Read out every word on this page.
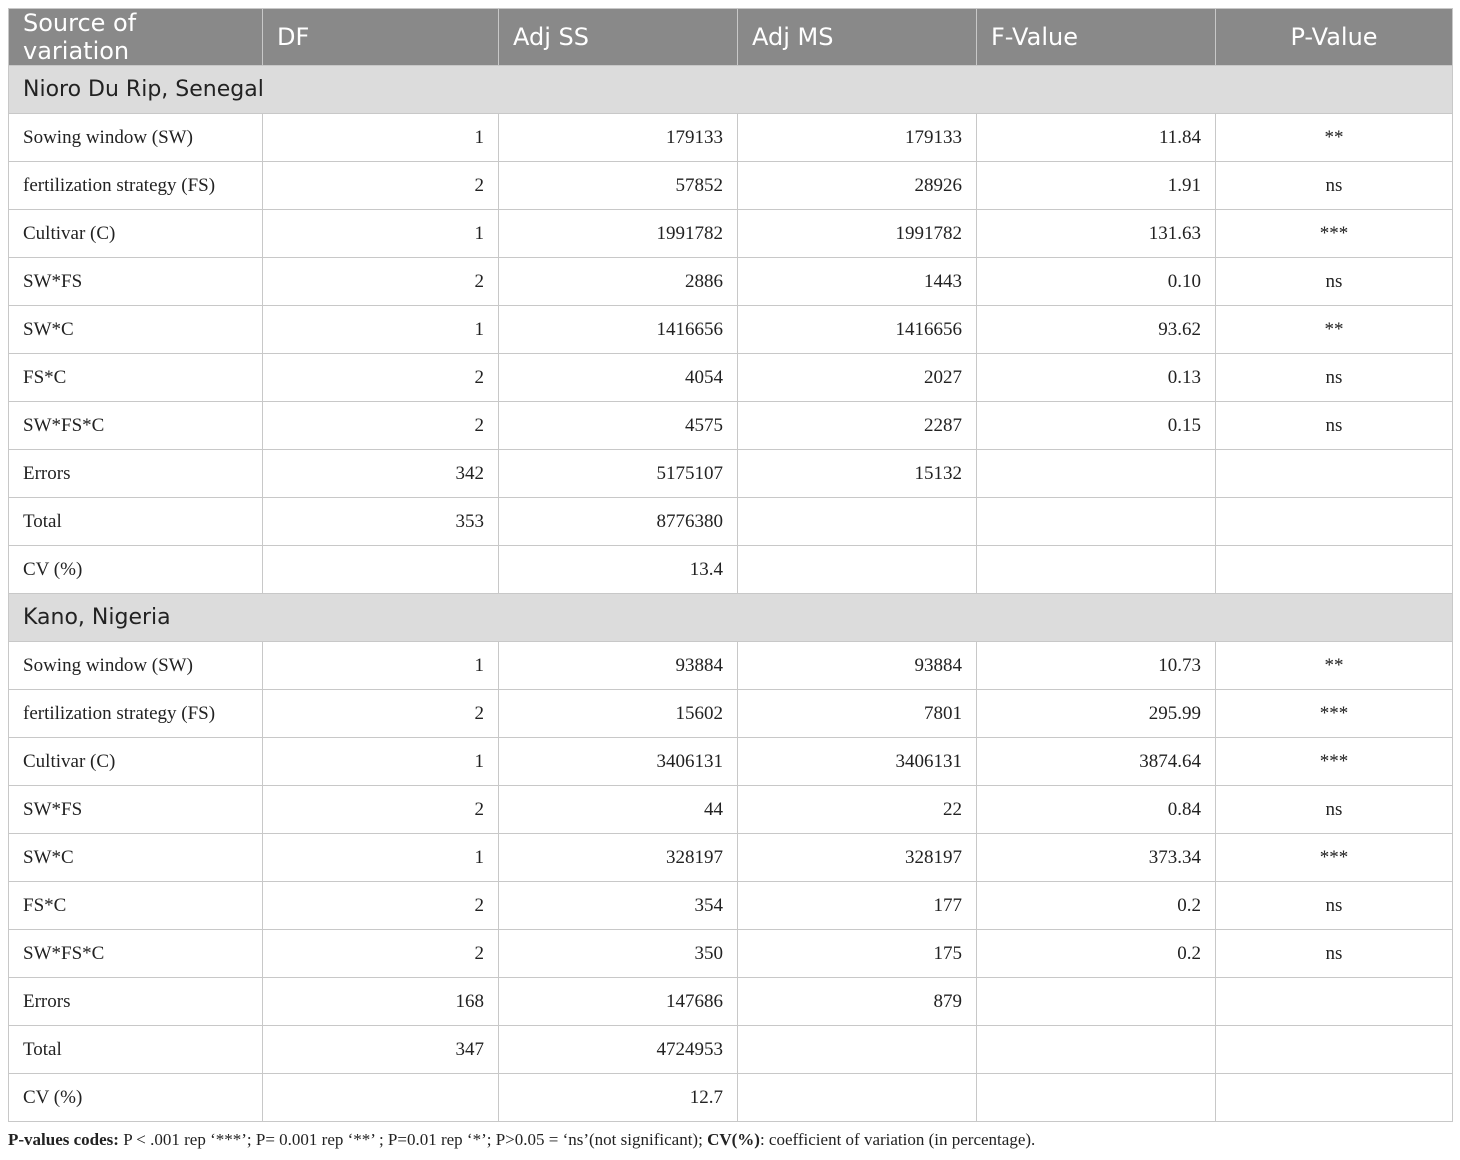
Source of variation	DF	Adj SS	Adj MS	F-Value	P-Value
Nioro Du Rip, Senegal					
Sowing window (SW)	1	179133	179133	11.84	**
fertilization strategy (FS)	2	57852	28926	1.91	ns
Cultivar (C)	1	1991782	1991782	131.63	***
SW*FS	2	2886	1443	0.10	ns
SW*C	1	1416656	1416656	93.62	**
FS*C	2	4054	2027	0.13	ns
SW*FS*C	2	4575	2287	0.15	ns
Errors	342	5175107	15132		
Total	353	8776380			
CV (%)		13.4			
Kano, Nigeria					
Sowing window (SW)	1	93884	93884	10.73	**
fertilization strategy (FS)	2	15602	7801	295.99	***
Cultivar (C)	1	3406131	3406131	3874.64	***
SW*FS	2	44	22	0.84	ns
SW*C	1	328197	328197	373.34	***
FS*C	2	354	177	0.2	ns
SW*FS*C	2	350	175	0.2	ns
Errors	168	147686	879		
Total	347	4724953			
CV (%)		12.7			
P-values codes: P < .001 rep ‘***’; P= 0.001 rep ‘**’ ; P=0.01 rep ‘*’; P>0.05 = ‘ns’(not significant); CV(%): coefficient of variation (in percentage).
